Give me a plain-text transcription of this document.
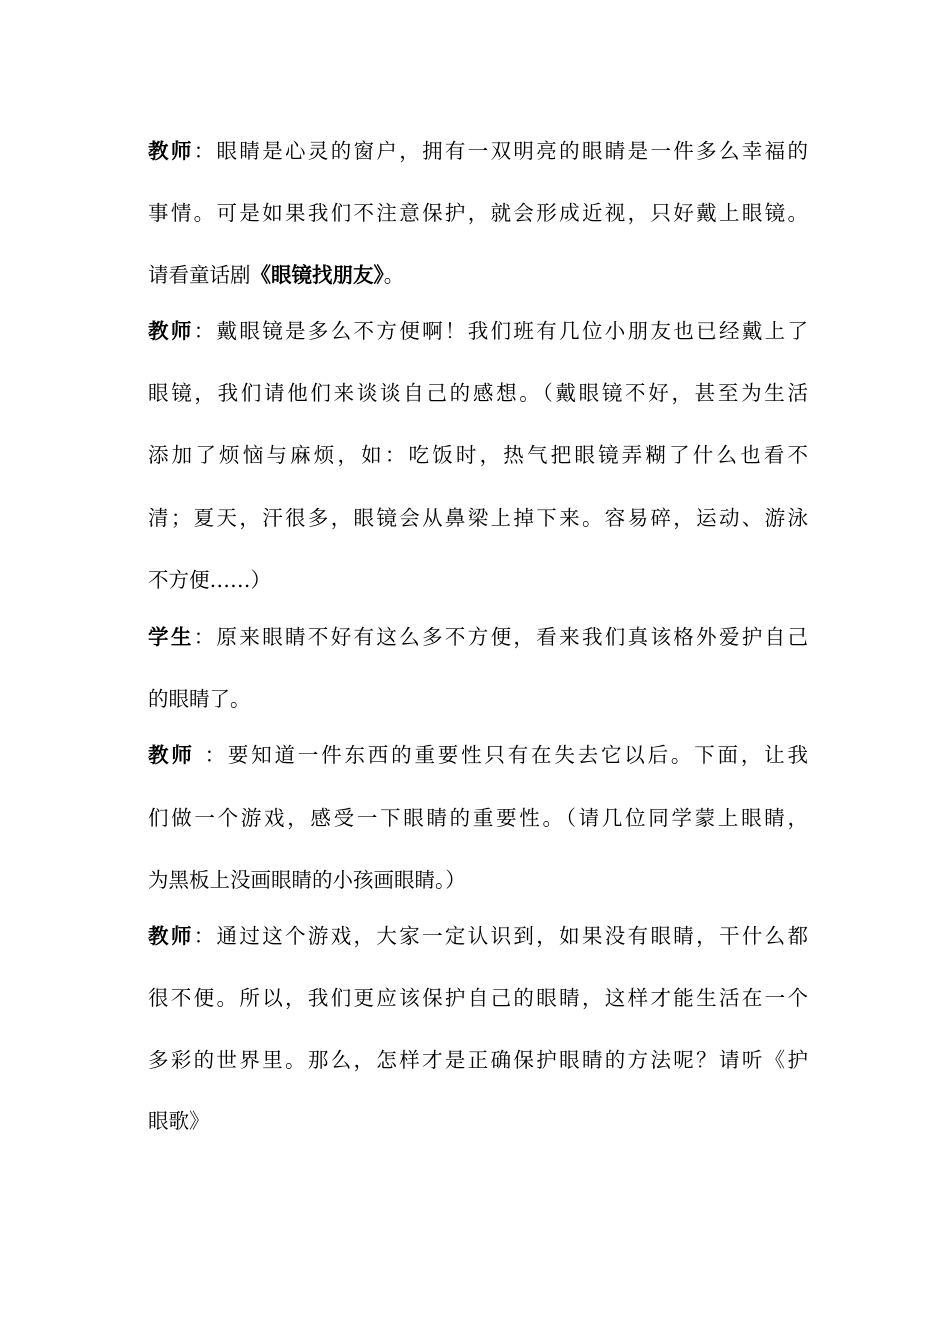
教师：眼睛是心灵的窗户，拥有一双明亮的眼睛是一件多么幸福的
事情。可是如果我们不注意保护，就会形成近视，只好戴上眼镜。
请看童话剧《眼镜找朋友》。
教师：戴眼镜是多么不方便啊！我们班有几位小朋友也已经戴上了
眼镜，我们请他们来谈谈自己的感想。（戴眼镜不好，甚至为生活
添加了烦恼与麻烦，如：吃饭时，热气把眼镜弄糊了什么也看不
清；夏天，汗很多，眼镜会从鼻梁上掉下来。容易碎，运动、游泳
不方便……）
学生：原来眼睛不好有这么多不方便，看来我们真该格外爱护自己
的眼睛了。
教师 ：要知道一件东西的重要性只有在失去它以后。下面，让我
们做一个游戏，感受一下眼睛的重要性。（请几位同学蒙上眼睛，
为黑板上没画眼睛的小孩画眼睛。）
教师：通过这个游戏，大家一定认识到，如果没有眼睛，干什么都
很不便。所以，我们更应该保护自己的眼睛，这样才能生活在一个
多彩的世界里。那么，怎样才是正确保护眼睛的方法呢？请听《护
眼歌》
